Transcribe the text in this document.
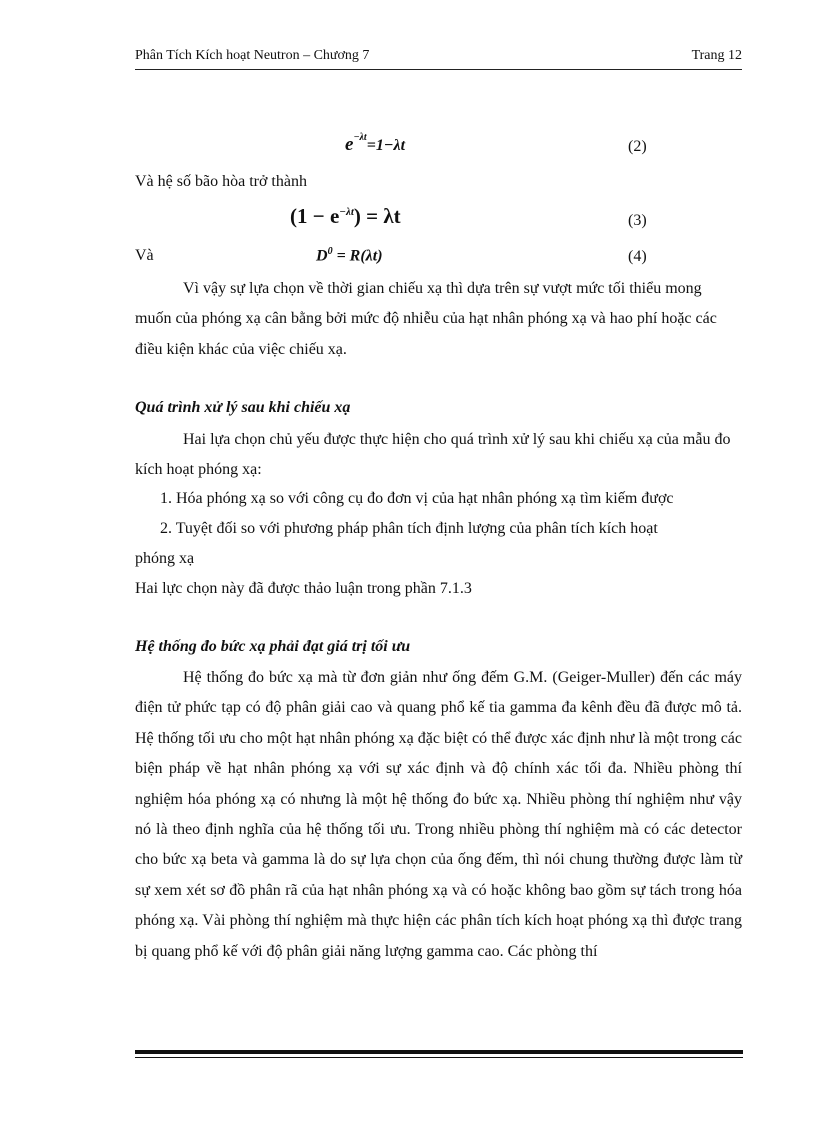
Phân Tích Kích hoạt Neutron – Chương 7	Trang 12
$e^{-\lambda t}=1-\lambda t$	(2)
Và hệ số bão hòa trở thành
$(1 - e^{-\lambda t}) = \lambda t$	(3)
Và	$D^0 = R(\lambda t)$	(4)

Vì vậy sự lựa chọn về thời gian chiếu xạ thì dựa trên sự vượt mức tối thiểu mong muốn của phóng xạ cân bằng bởi mức độ nhiễu của hạt nhân phóng xạ và hao phí hoặc các điều kiện khác của việc chiếu xạ.

Quá trình xử lý sau khi chiếu xạ

Hai lựa chọn chủ yếu được thực hiện cho quá trình xử lý sau khi chiếu xạ của mẫu đo kích hoạt phóng xạ:

1. Hóa phóng xạ so với công cụ đo đơn vị của hạt nhân phóng xạ tìm kiếm được

2. Tuyệt đối so với phương pháp phân tích định lượng của phân tích kích hoạt

phóng xạ

Hai lực chọn này đã được thảo luận trong phần 7.1.3

Hệ thống đo bức xạ phải đạt giá trị tối ưu

Hệ thống đo bức xạ mà từ đơn giản như ống đếm G.M. (Geiger-Muller) đến các máy điện tử phức tạp có độ phân giải cao và quang phổ kế tia gamma đa kênh đều đã được mô tả. Hệ thống tối ưu cho một hạt nhân phóng xạ đặc biệt có thể được xác định như là một trong các biện pháp về hạt nhân phóng xạ với sự xác định và độ chính xác tối đa. Nhiều phòng thí nghiệm hóa phóng xạ có nhưng là một hệ thống đo bức xạ. Nhiều phòng thí nghiệm như vậy nó là theo định nghĩa của hệ thống tối ưu. Trong nhiều phòng thí nghiệm mà có các detector cho bức xạ beta và gamma là do sự lựa chọn của ống đếm, thì nói chung thường được làm từ sự xem xét sơ đồ phân rã của hạt nhân phóng xạ và có hoặc không bao gồm sự tách trong hóa phóng xạ. Vài phòng thí nghiệm mà thực hiện các phân tích kích hoạt phóng xạ thì được trang bị quang phổ kế với độ phân giải năng lượng gamma cao. Các phòng thí
